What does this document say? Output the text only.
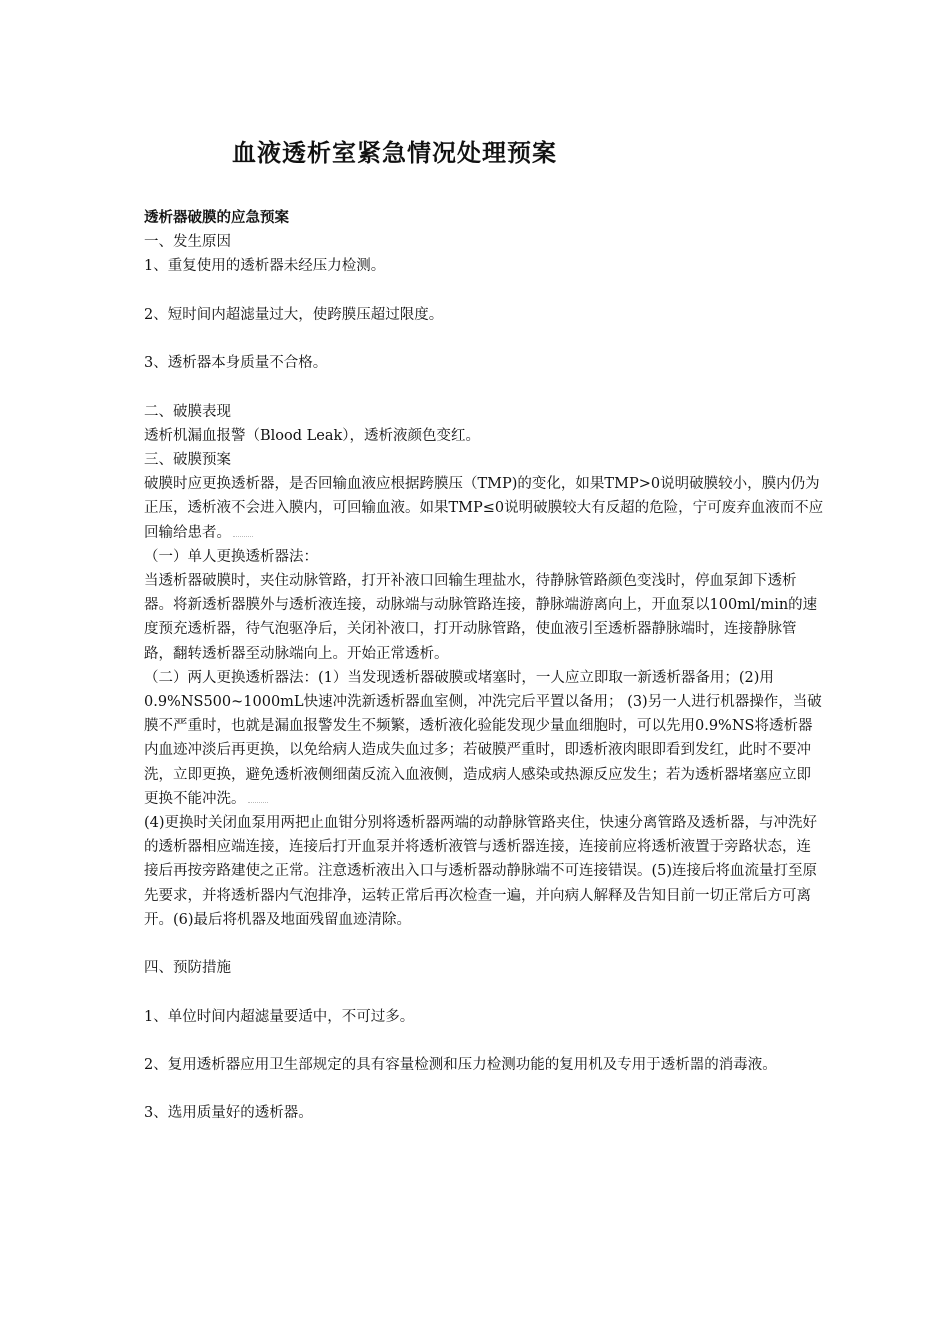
血液透析室紧急情况处理预案

透析器破膜的应急预案

一、发生原因

1、重复使用的透析器未经压力检测。

2、短时间内超滤量过大，使跨膜压超过限度。

3、透析器本身质量不合格。

二、破膜表现

透析机漏血报警（Blood Leak），透析液颜色变红。

三、破膜预案

破膜时应更换透析器，是否回输血液应根据跨膜压（TMP)的变化，如果TMP>0说明破膜较小，膜内仍为正压，透析液不会进入膜内，可回输血液。如果TMP≤0说明破膜较大有反超的危险，宁可废弃血液而不应回输给患者。

（一）单人更换透析器法：

当透析器破膜时，夹住动脉管路，打开补液口回输生理盐水，待静脉管路颜色变浅时，停血泵卸下透析器。将新透析器膜外与透析液连接，动脉端与动脉管路连接，静脉端游离向上，开血泵以100ml/min的速度预充透析器，待气泡驱净后，关闭补液口，打开动脉管路，使血液引至透析器静脉端时，连接静脉管路，翻转透析器至动脉端向上。开始正常透析。

（二）两人更换透析器法：(1）当发现透析器破膜或堵塞时，一人应立即取一新透析器备用；(2)用0.9%NS500~1000mL快速冲洗新透析器血室侧，冲洗完后平置以备用； (3)另一人进行机器操作，当破膜不严重时，也就是漏血报警发生不频繁，透析液化验能发现少量血细胞时，可以先用0.9%NS将透析器内血迹冲淡后再更换，以免给病人造成失血过多；若破膜严重时，即透析液肉眼即看到发红，此时不要冲洗，立即更换，避免透析液侧细菌反流入血液侧，造成病人感染或热源反应发生；若为透析器堵塞应立即更换不能冲洗。

(4)更换时关闭血泵用两把止血钳分别将透析器两端的动静脉管路夹住，快速分离管路及透析器，与冲洗好的透析器相应端连接，连接后打开血泵并将透析液管与透析器连接，连接前应将透析液置于旁路状态，连接后再按旁路建使之正常。注意透析液出入口与透析器动静脉端不可连接错误。(5)连接后将血流量打至原先要求，并将透析器内气泡排净，运转正常后再次检查一遍，并向病人解释及告知目前一切正常后方可离开。(6)最后将机器及地面残留血迹清除。

四、预防措施

1、单位时间内超滤量要适中，不可过多。

2、复用透析器应用卫生部规定的具有容量检测和压力检测功能的复用机及专用于透析噐的消毒液。

3、选用质量好的透析器。
